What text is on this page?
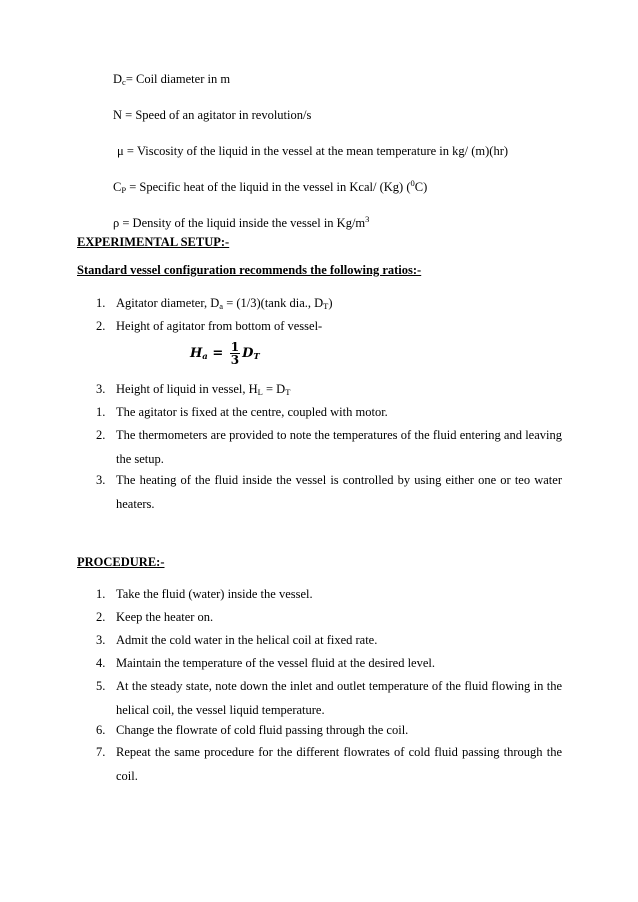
$D_c=$ Coil diameter in m
N = Speed of an agitator in revolution/s
μ = Viscosity of the liquid in the vessel at the mean temperature in kg/ (m)(hr)
$C_P$ = Specific heat of the liquid in the vessel in Kcal/ (Kg) ($^0$C)
ρ = Density of the liquid inside the vessel in $Kg/m^3$
EXPERIMENTAL SETUP:-
Standard vessel configuration recommends the following ratios:-
1. Agitator diameter, $D_a = (1/3)(\tan k$ dia., $D_T$)
2. Height of agitator from bottom of vessel-
$H_a = \frac{1}{3} D_T$
3. Height of liquid in vessel, $H_L = D_T$
1. The agitator is fixed at the centre, coupled with motor.
2. The thermometers are provided to note the temperatures of the fluid entering and leaving the setup.
3. The heating of the fluid inside the vessel is controlled by using either one or teo water heaters.
PROCEDURE:-
1. Take the fluid (water) inside the vessel.
2. Keep the heater on.
3. Admit the cold water in the helical coil at fixed rate.
4. Maintain the temperature of the vessel fluid at the desired level.
5. At the steady state, note down the inlet and outlet temperature of the fluid flowing in the helical coil, the vessel liquid temperature.
6. Change the flowrate of cold fluid passing through the coil.
7. Repeat the same procedure for the different flowrates of cold fluid passing through the coil.
